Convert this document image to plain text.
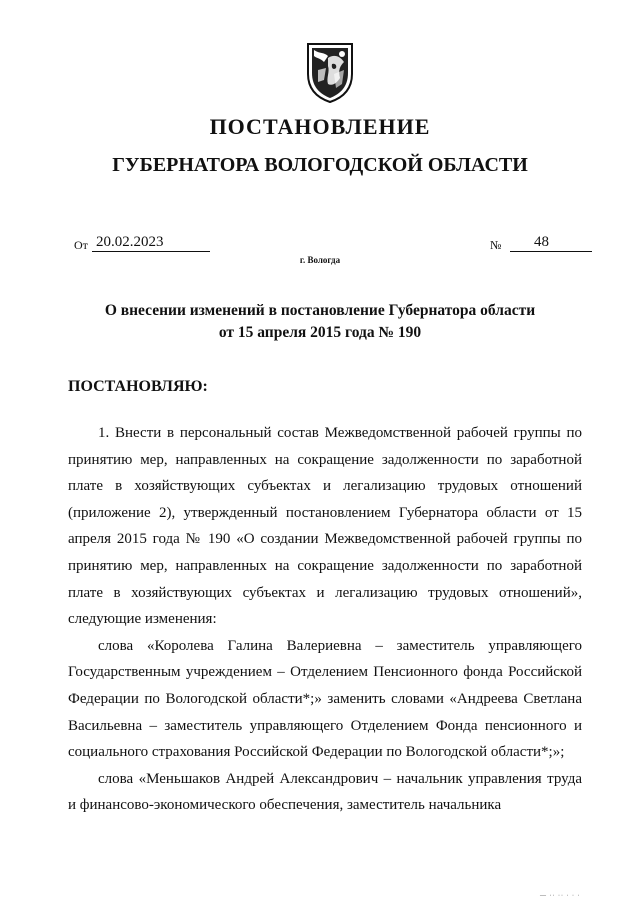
ПОСТАНОВЛЕНИЕ
ГУБЕРНАТОРА ВОЛОГОДСКОЙ ОБЛАСТИ
От 20.02.2023	№	48
г. Вологда
О внесении изменений в постановление Губернатора области
от 15 апреля 2015 года № 190
ПОСТАНОВЛЯЮ:

1. Внести в персональный состав Межведомственной рабочей группы по принятию мер, направленных на сокращение задолженности по заработной плате в хозяйствующих субъектах и легализацию трудовых отношений (приложение 2), утвержденный постановлением Губернатора области от 15 апреля 2015 года № 190 «О создании Межведомственной рабочей группы по принятию мер, направленных на сокращение задолженности по заработной плате в хозяйствующих субъектах и легализацию трудовых отношений», следующие изменения:

слова «Королева Галина Валериевна – заместитель управляющего Государственным учреждением – Отделением Пенсионного фонда Российской Федерации по Вологодской области*;» заменить словами «Андреева Светлана Васильевна – заместитель управляющего Отделением Фонда пенсионного и социального страхования Российской Федерации по Вологодской области*;»;

слова «Меньшаков Андрей Александрович – начальник управления труда и финансово-экономического обеспечения, заместитель начальника

— ·· ·· · · ·
